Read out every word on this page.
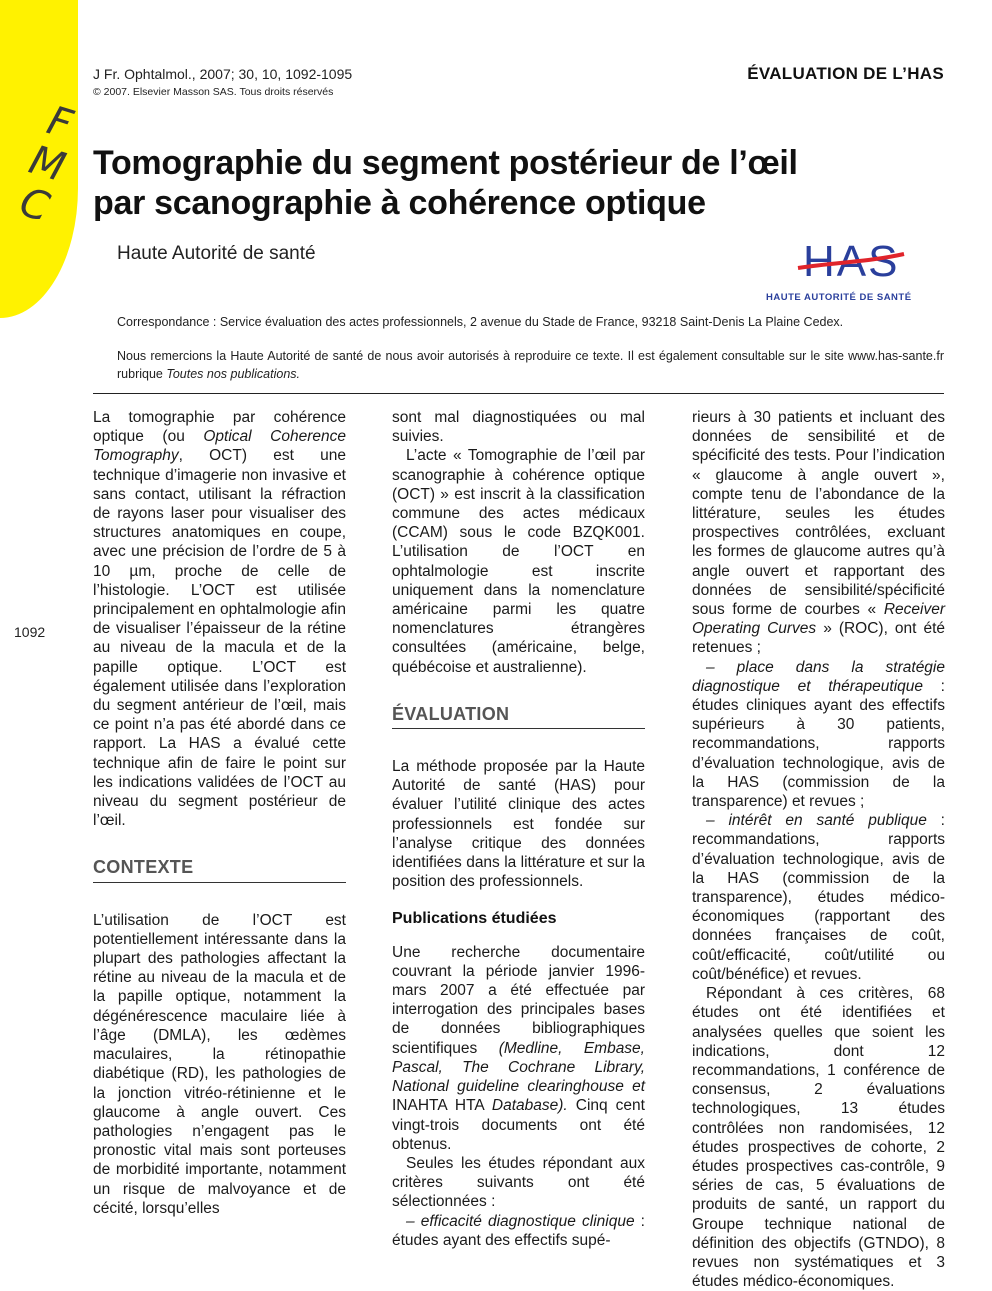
F
M
C
J Fr. Ophtalmol., 2007; 30, 10, 1092-1095
© 2007. Elsevier Masson SAS. Tous droits réservés
ÉVALUATION DE L’HAS
Tomographie du segment postérieur de l’œil
par scanographie à cohérence optique
Haute Autorité de santé	HAS
HAUTE AUTORITÉ DE SANTÉ
Correspondance : Service évaluation des actes professionnels, 2 avenue du Stade de France, 93218 Saint-Denis La Plaine Cedex.
Nous remercions la Haute Autorité de santé de nous avoir autorisés à reproduire ce texte. Il est également consultable sur le site www.has-sante.fr rubrique Toutes nos publications.
1092

La tomographie par cohérence optique (ou Optical Coherence Tomography, OCT) est une technique d’imagerie non invasive et sans contact, utilisant la réfraction de rayons laser pour visualiser des structures anatomiques en coupe, avec une précision de l’ordre de 5 à 10 µm, proche de celle de l’histologie. L’OCT est utilisée principalement en ophtalmologie afin de visualiser l’épaisseur de la rétine au niveau de la macula et de la papille optique. L’OCT est également utilisée dans l’exploration du segment antérieur de l’œil, mais ce point n’a pas été abordé dans ce rapport. La HAS a évalué cette technique afin de faire le point sur les indications validées de l’OCT au niveau du segment postérieur de l’œil.

CONTEXTE

L’utilisation de l’OCT est potentiellement intéressante dans la plupart des pathologies affectant la rétine au niveau de la macula et de la papille optique, notamment la dégénérescence maculaire liée à l’âge (DMLA), les œdèmes maculaires, la rétinopathie diabétique (RD), les pathologies de la jonction vitréo-rétinienne et le glaucome à angle ouvert. Ces pathologies n’engagent pas le pronostic vital mais sont porteuses de morbidité importante, notamment un risque de malvoyance et de cécité, lorsqu’elles

sont mal diagnostiquées ou mal suivies.

L’acte « Tomographie de l’œil par scanographie à cohérence optique (OCT) » est inscrit à la classification commune des actes médicaux (CCAM) sous le code BZQK001. L’utilisation de l’OCT en ophtalmologie est inscrite uniquement dans la nomenclature américaine parmi les quatre nomenclatures étrangères consultées (américaine, belge, québécoise et australienne).

ÉVALUATION

La méthode proposée par la Haute Autorité de santé (HAS) pour évaluer l’utilité clinique des actes professionnels est fondée sur l’analyse critique des données identifiées dans la littérature et sur la position des professionnels.

Publications étudiées

Une recherche documentaire couvrant la période janvier 1996-mars 2007 a été effectuée par interrogation des principales bases de données bibliographiques scientifiques (Medline, Embase, Pascal, The Cochrane Library, National guideline clearinghouse et INAHTA HTA Database). Cinq cent vingt-trois documents ont été obtenus.

Seules les études répondant aux critères suivants ont été sélectionnées :

– efficacité diagnostique clinique : études ayant des effectifs supé-

rieurs à 30 patients et incluant des données de sensibilité et de spécificité des tests. Pour l’indication « glaucome à angle ouvert », compte tenu de l’abondance de la littérature, seules les études prospectives contrôlées, excluant les formes de glaucome autres qu’à angle ouvert et rapportant des données de sensibilité/spécificité sous forme de courbes « Receiver Operating Curves » (ROC), ont été retenues ;

– place dans la stratégie diagnostique et thérapeutique : études cliniques ayant des effectifs supérieurs à 30 patients, recommandations, rapports d’évaluation technologique, avis de la HAS (commission de la transparence) et revues ;

– intérêt en santé publique : recommandations, rapports d’évaluation technologique, avis de la HAS (commission de la transparence), études médico-économiques (rapportant des données françaises de coût, coût/efficacité, coût/utilité ou coût/bénéfice) et revues.

Répondant à ces critères, 68 études ont été identifiées et analysées quelles que soient les indications, dont 12 recommandations, 1 conférence de consensus, 2 évaluations technologiques, 13 études contrôlées non randomisées, 12 études prospectives de cohorte, 2 études prospectives cas-contrôle, 9 séries de cas, 5 évaluations de produits de santé, un rapport du Groupe technique national de définition des objectifs (GTNDO), 8 revues non systématiques et 3 études médico-économiques.
